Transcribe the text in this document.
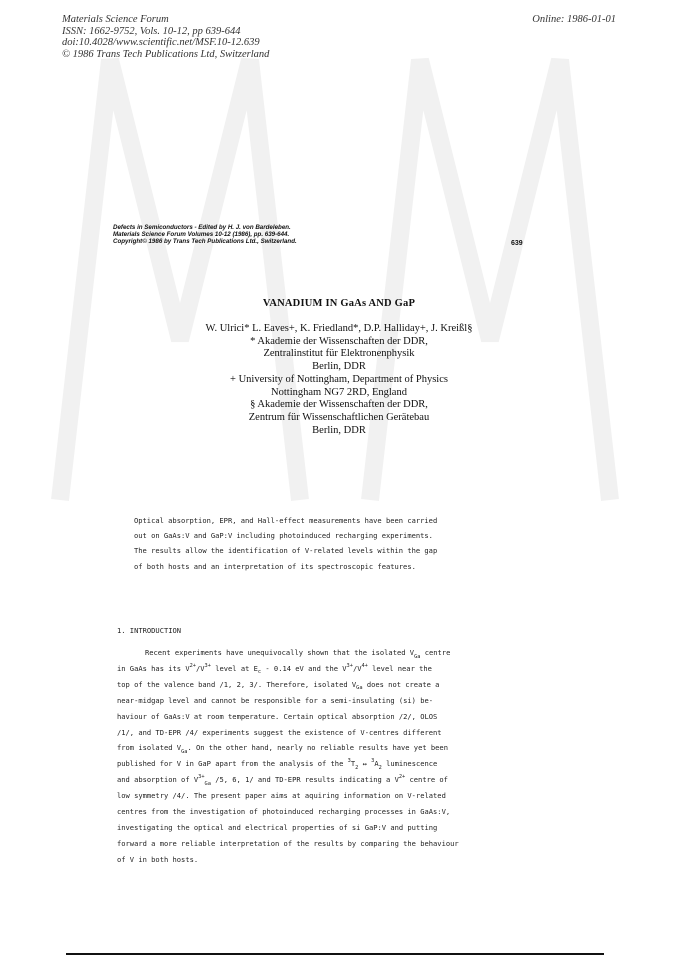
Materials Science Forum
ISSN: 1662-9752, Vols. 10-12, pp 639-644
doi:10.4028/www.scientific.net/MSF.10-12.639
© 1986 Trans Tech Publications Ltd, Switzerland
Online: 1986-01-01
Defects in Semiconductors - Edited by H. J. von Bardeleben.
Materials Science Forum Volumes 10-12 (1986), pp. 639-644.
Copyright© 1986 by Trans Tech Publications Ltd., Switzerland.	639
VANADIUM IN GaAs AND GaP
W. Ulrici* L. Eaves+, K. Friedland*, D.P. Halliday+, J. Kreißl§
* Akademie der Wissenschaften der DDR,
Zentralinstitut für Elektronenphysik
Berlin, DDR
+ University of Nottingham, Department of Physics
Nottingham NG7 2RD, England
§ Akademie der Wissenschaften der DDR,
Zentrum für Wissenschaftlichen Gerätebau
Berlin, DDR
Optical absorption, EPR, and Hall-effect measurements have been carried
out on GaAs:V and GaP:V including photoinduced recharging experiments.
The results allow the identification of V-related levels within the gap
of both hosts and an interpretation of its spectroscopic features.
1. INTRODUCTION
Recent experiments have unequivocally shown that the isolated $V_{Ga}$ centre
in GaAs has its $V^{2+}/V^{3+}$ level at $E_c - 0.14$ eV and the $V^{3+}/V^{4+}$ level near the
top of the valence band /1, 2, 3/. Therefore, isolated $V_{Ga}$ does not create a
near-midgap level and cannot be responsible for a semi-insulating (si) be-
haviour of GaAs:V at room temperature. Certain optical absorption /2/, OLOS
/1/, and TD-EPR /4/ experiments suggest the existence of V-centres different
from isolated $V_{Ga}$. On the other hand, nearly no reliable results have yet been
published for V in GaP apart from the analysis of the $^3T_2$ ↔ $^3A_2$ luminescence
and absorption of $V^{3+}_{Ga}$ /5, 6, 1/ and TD-EPR results indicating a $V^{2+}$ centre of
low symmetry /4/. The present paper aims at aquiring information on V-related
centres from the investigation of photoinduced recharging processes in GaAs:V,
investigating the optical and electrical properties of si GaP:V and putting
forward a more reliable interpretation of the results by comparing the behaviour
of V in both hosts.
